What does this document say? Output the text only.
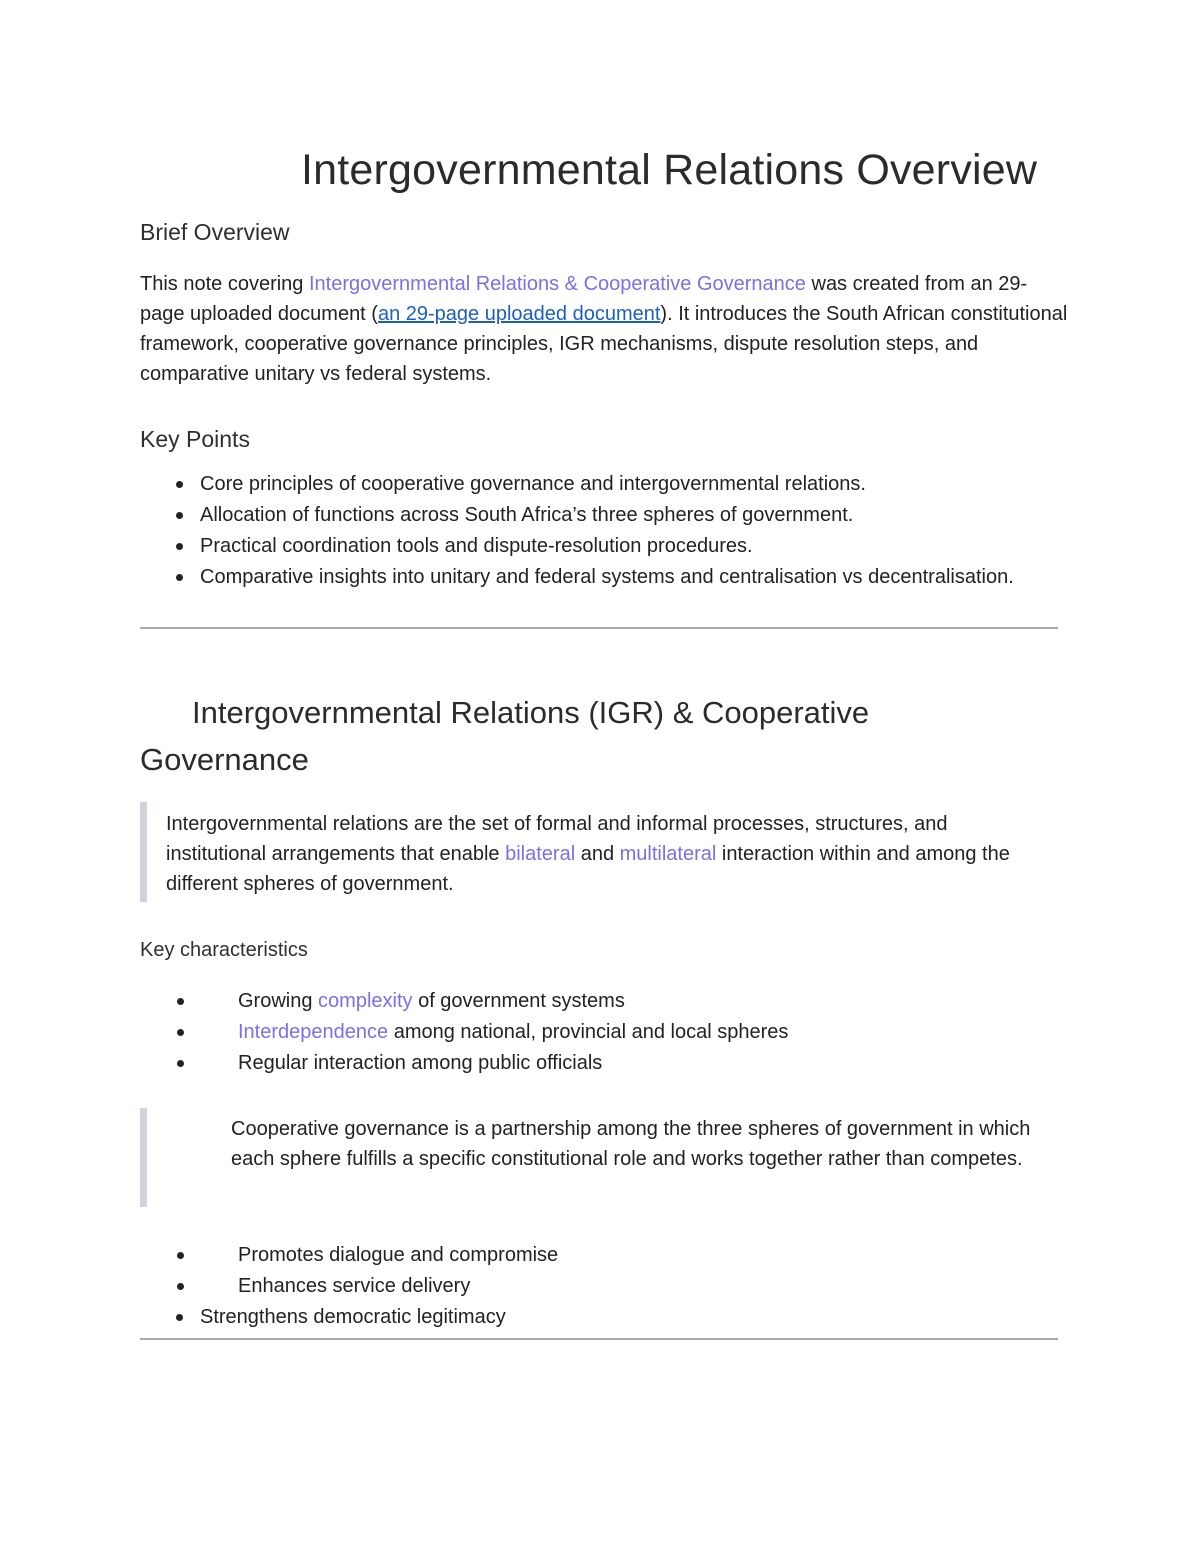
Intergovernmental Relations Overview
Brief Overview
This note covering Intergovernmental Relations & Cooperative Governance was created from an 29-page uploaded document (an 29-page uploaded document). It introduces the South African constitutional framework, cooperative governance principles, IGR mechanisms, dispute resolution steps, and comparative unitary vs federal systems.
Key Points
Core principles of cooperative governance and intergovernmental relations.
Allocation of functions across South Africa’s three spheres of government.
Practical coordination tools and dispute-resolution procedures.
Comparative insights into unitary and federal systems and centralisation vs decentralisation.
Intergovernmental Relations (IGR) & Cooperative Governance
Intergovernmental relations are the set of formal and informal processes, structures, and institutional arrangements that enable bilateral and multilateral interaction within and among the different spheres of government.
Key characteristics
Growing complexity of government systems
Interdependence among national, provincial and local spheres
Regular interaction among public officials
Cooperative governance is a partnership among the three spheres of government in which each sphere fulfills a specific constitutional role and works together rather than competes.
Promotes dialogue and compromise
Enhances service delivery
Strengthens democratic legitimacy
